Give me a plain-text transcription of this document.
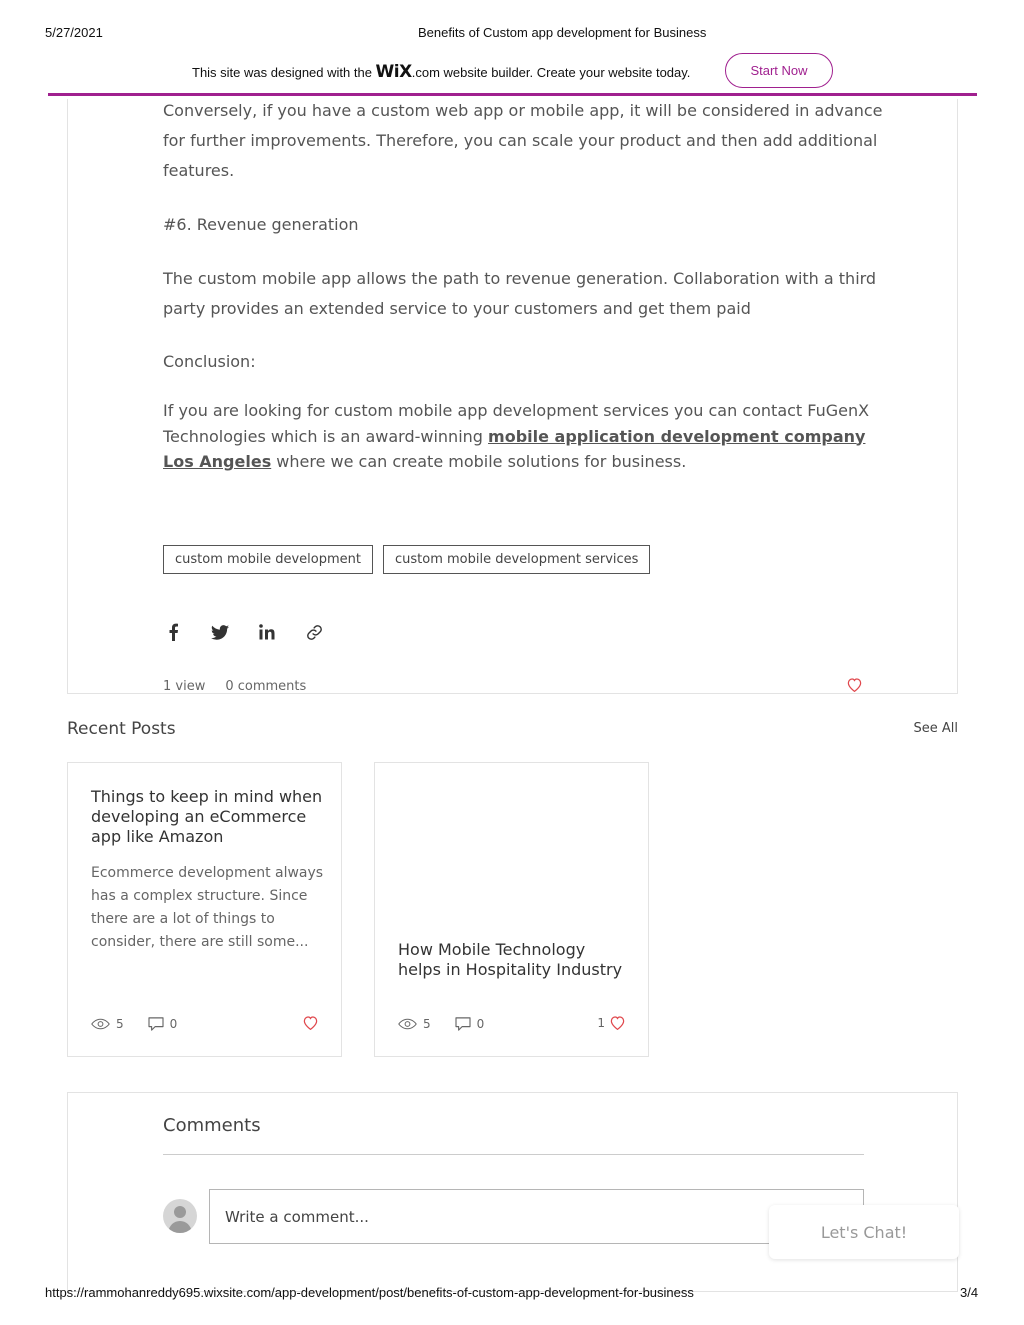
5/27/2021	Benefits of Custom app development for Business
This site was designed with the WiX.com website builder. Create your website today.	Start Now

Conversely, if you have a custom web app or mobile app, it will be considered in advance for further improvements. Therefore, you can scale your product and then add additional features.

#6. Revenue generation

The custom mobile app allows the path to revenue generation. Collaboration with a third party provides an extended service to your customers and get them paid

Conclusion:

If you are looking for custom mobile app development services you can contact FuGenX Technologies which is an award-winning mobile application development company Los Angeles where we can create mobile solutions for business.

custom mobile development	custom mobile development services
1 view 0 comments
Recent Posts	See All
Things to keep in mind when developing an eCommerce app like Amazon
Ecommerce development always has a complex structure. Since there are a lot of things to consider, there are still some...
5	0
How Mobile Technology helps in Hospitality Industry
5	0	1
Comments
Write a comment...
Let's Chat!
https://rammohanreddy695.wixsite.com/app-development/post/benefits-of-custom-app-development-for-business	3/4
